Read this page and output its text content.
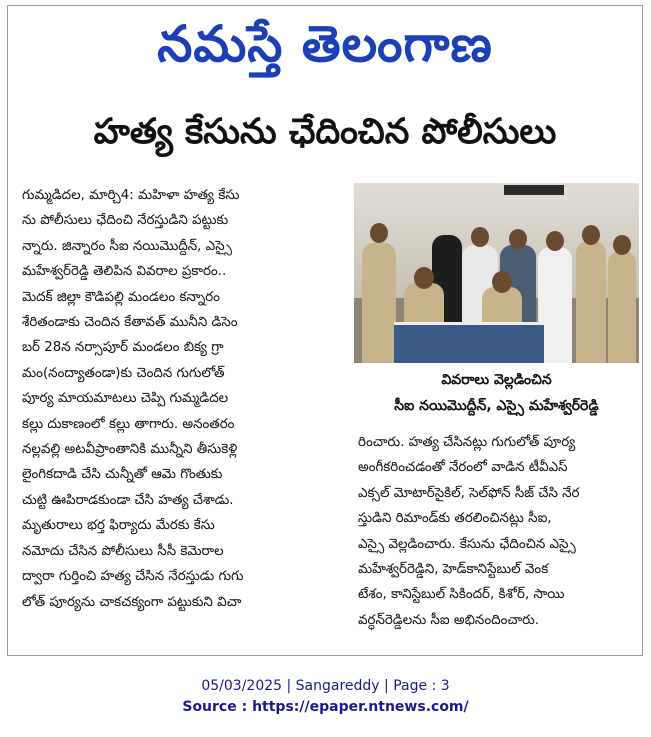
నమస్తే తెలంగాణ
హత్య కేసును ఛేదించిన పోలీసులు
గుమ్మడిదల, మార్చి4: మహిళా హత్య కేసు
ను పోలీసులు ఛేదించి నేరస్తుడిని పట్టుకు
న్నారు. జిన్నారం సీఐ నయిమొద్దీన్, ఎస్సై
మహేశ్వర్‌రెడ్డి తెలిపిన వివరాల ప్రకారం..
మెదక్ జిల్లా కౌడిపల్లి మండలం కన్నారం
శేరితండాకు చెందిన కేతావత్ మునీని డిసెం
బర్ 28న నర్సాపూర్ మండలం బిక్య గ్రా
మం(నంద్యాతండా)కు చెందిన గుగులోత్
పూర్య మాయమాటలు చెప్పి గుమ్మడిదల
కల్లు దుకాణంలో కల్లు తాగారు. అనంతరం
నల్లవల్లి అటవీప్రాంతానికి మున్నీని తీసుకెళ్లి
లైంగికదాడి చేసి చున్నీతో ఆమె గొంతుకు
చుట్టి ఊపిరాడకుండా చేసి హత్య చేశాడు.
మృతురాలు భర్త ఫిర్యాదు మేరకు కేసు
నమోదు చేసిన పోలీసులు సీసీ కెమెరాల
ద్వారా గుర్తించి హత్య చేసిన నేరస్తుడు గుగు
లోత్ పూర్యను చాకచక్యంగా పట్టుకుని విచా
వివరాలు వెల్లడించిన
సీఐ నయిమొద్దీన్, ఎస్సై మహేశ్వర్‌రెడ్డి
రించారు. హత్య చేసినట్లు గుగులోత్ పూర్య
అంగీకరించడంతో నేరంలో వాడిన టీవీఎస్
ఎక్సల్ మోటార్‌సైకిల్, సెల్‌ఫోన్ సీజ్ చేసి నేర
స్తుడిని రిమాండ్‌కు తరలించినట్లు సీఐ,
ఎస్సై వెల్లడించారు. కేసును ఛేదించిన ఎస్సై
మహేశ్వర్‌రెడ్డిని, హెడ్‌కానిస్టేబుల్ వెంక
టేశం, కానిస్టేబుల్ సికిందర్, కిశోర్, సాయి
వర్ధన్‌రెడ్డిలను సీఐ అభినందించారు.
05/03/2025 | Sangareddy | Page : 3
Source : https://epaper.ntnews.com/
